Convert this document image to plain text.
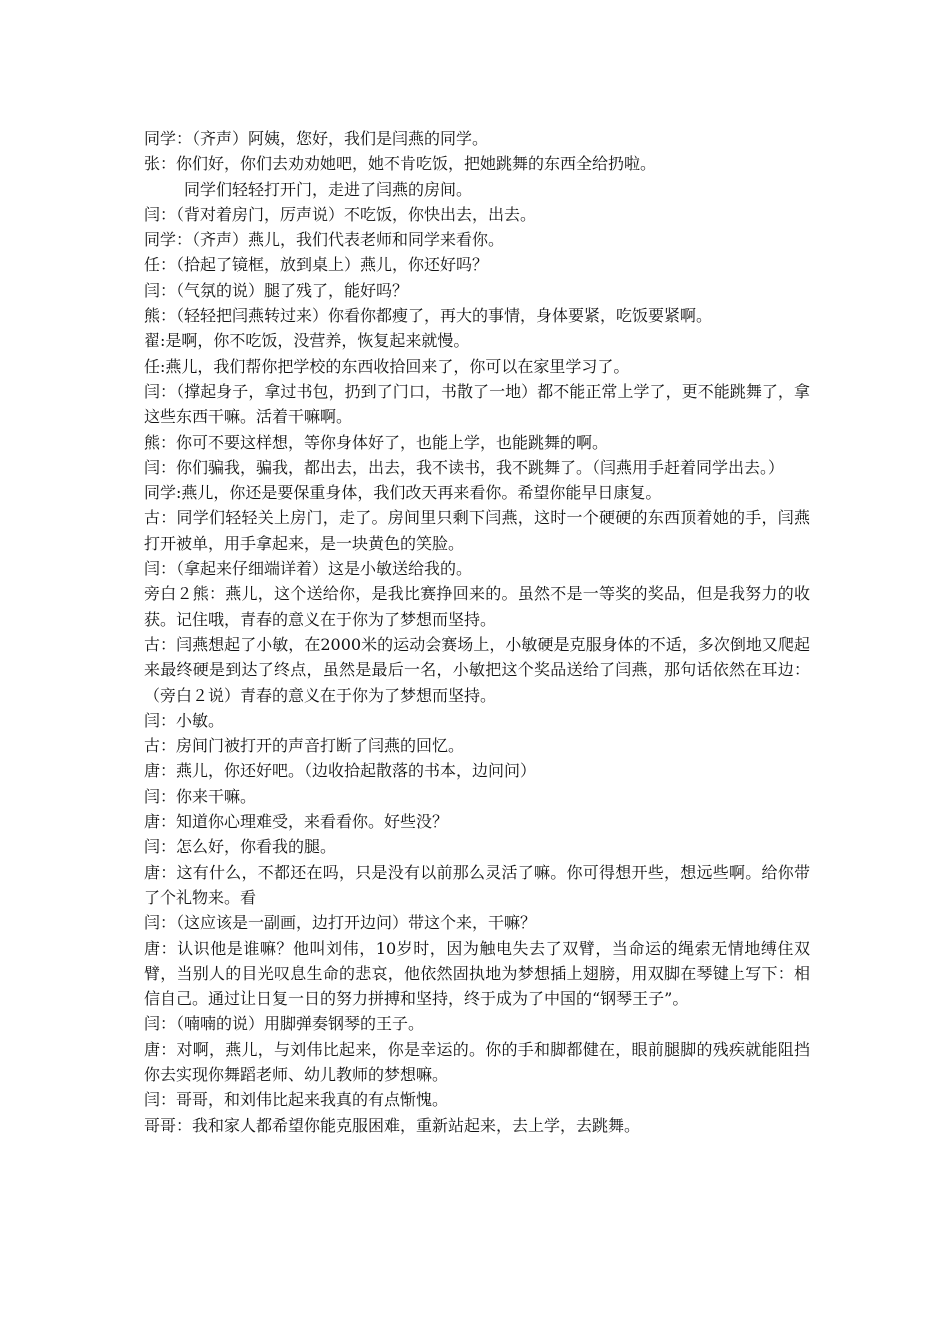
同学：（齐声）阿姨，您好，我们是闫燕的同学。

张：你们好，你们去劝劝她吧，她不肯吃饭，把她跳舞的东西全给扔啦。

同学们轻轻打开门，走进了闫燕的房间。

闫：（背对着房门，厉声说）不吃饭，你快出去，出去。

同学：（齐声）燕儿，我们代表老师和同学来看你。

任：（拾起了镜框，放到桌上）燕儿，你还好吗？

闫：（气氛的说）腿了残了，能好吗？

熊：（轻轻把闫燕转过来）你看你都瘦了，再大的事情，身体要紧，吃饭要紧啊。

翟:是啊，你不吃饭，没营养，恢复起来就慢。

任:燕儿，我们帮你把学校的东西收拾回来了，你可以在家里学习了。

闫：（撑起身子，拿过书包，扔到了门口，书散了一地）都不能正常上学了，更不能跳舞了，拿这些东西干嘛。活着干嘛啊。

熊：你可不要这样想，等你身体好了，也能上学，也能跳舞的啊。

闫：你们骗我，骗我，都出去，出去，我不读书，我不跳舞了。（闫燕用手赶着同学出去。）

同学:燕儿，你还是要保重身体，我们改天再来看你。希望你能早日康复。

古：同学们轻轻关上房门，走了。房间里只剩下闫燕，这时一个硬硬的东西顶着她的手，闫燕打开被单，用手拿起来，是一块黄色的笑脸。

闫：（拿起来仔细端详着）这是小敏送给我的。

旁白２熊：燕儿，这个送给你，是我比赛挣回来的。虽然不是一等奖的奖品，但是我努力的收获。记住哦，青春的意义在于你为了梦想而坚持。

古：闫燕想起了小敏，在2000米的运动会赛场上，小敏硬是克服身体的不适，多次倒地又爬起来最终硬是到达了终点，虽然是最后一名，小敏把这个奖品送给了闫燕，那句话依然在耳边：（旁白２说）青春的意义在于你为了梦想而坚持。

闫：小敏。

古：房间门被打开的声音打断了闫燕的回忆。

唐：燕儿，你还好吧。（边收拾起散落的书本，边问问）

闫：你来干嘛。

唐：知道你心理难受，来看看你。好些没？

闫：怎么好，你看我的腿。

唐：这有什么，不都还在吗，只是没有以前那么灵活了嘛。你可得想开些，想远些啊。给你带了个礼物来。看

闫：（这应该是一副画，边打开边问）带这个来，干嘛？

唐：认识他是谁嘛？他叫刘伟，10岁时，因为触电失去了双臂，当命运的绳索无情地缚住双臂，当别人的目光叹息生命的悲哀，他依然固执地为梦想插上翅膀，用双脚在琴键上写下：相信自己。通过让日复一日的努力拼搏和坚持，终于成为了中国的“钢琴王子”。

闫：（喃喃的说）用脚弹奏钢琴的王子。

唐：对啊，燕儿，与刘伟比起来，你是幸运的。你的手和脚都健在，眼前腿脚的残疾就能阻挡你去实现你舞蹈老师、幼儿教师的梦想嘛。

闫：哥哥，和刘伟比起来我真的有点惭愧。

哥哥：我和家人都希望你能克服困难，重新站起来，去上学，去跳舞。
